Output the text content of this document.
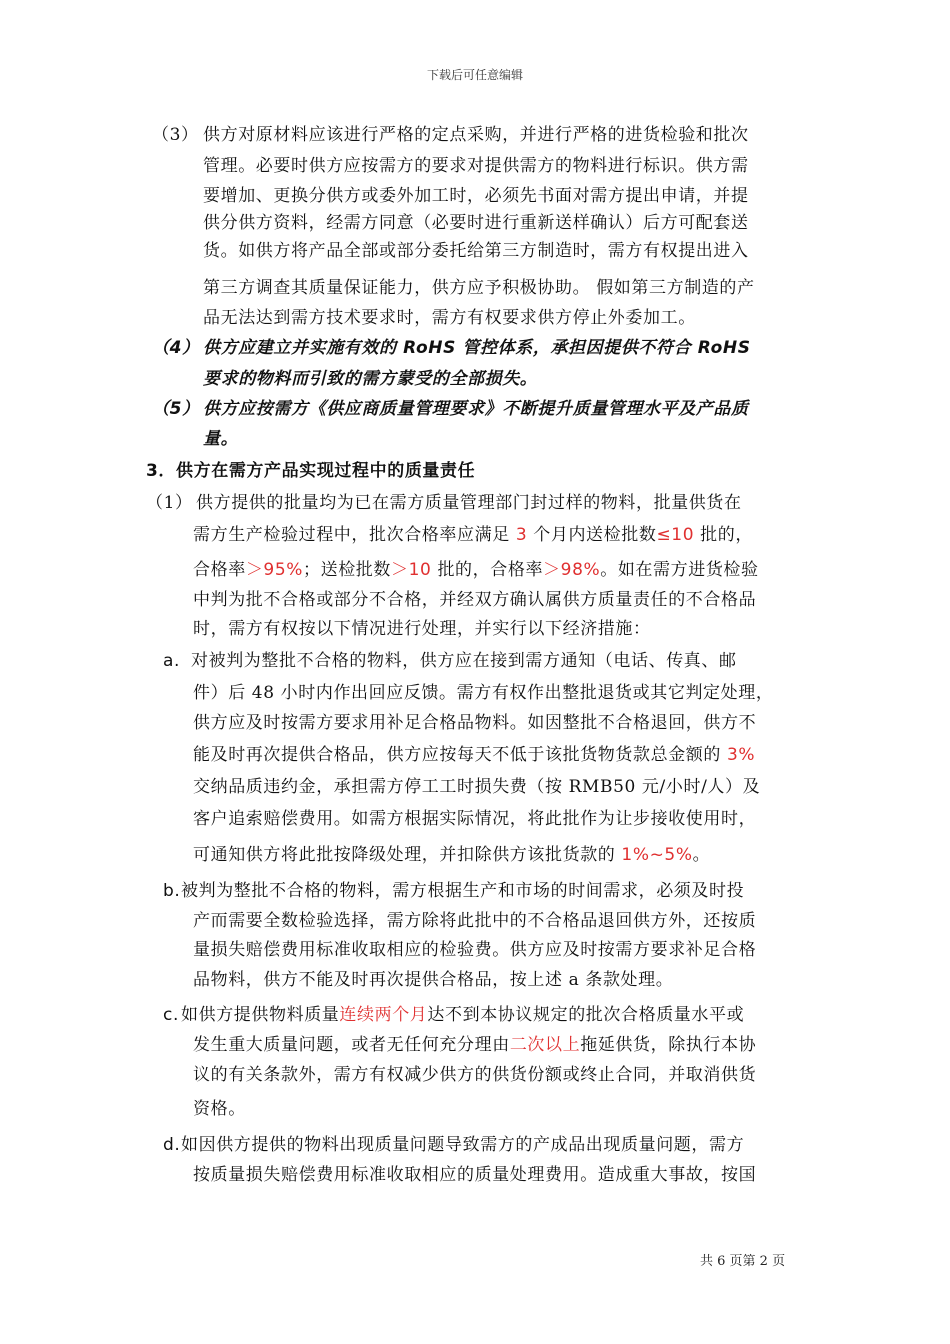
下载后可任意编辑
（3） 供方对原材料应该进行严格的定点采购，并进行严格的进货检验和批次
管理。必要时供方应按需方的要求对提供需方的物料进行标识。供方需
要增加、更换分供方或委外加工时，必须先书面对需方提出申请，并提
供分供方资料，经需方同意（必要时进行重新送样确认）后方可配套送
货。如供方将产品全部或部分委托给第三方制造时，需方有权提出进入
第三方调查其质量保证能力，供方应予积极协助。 假如第三方制造的产
品无法达到需方技术要求时，需方有权要求供方停止外委加工。
（4） 供方应建立并实施有效的 RoHS 管控体系，承担因提供不符合 RoHS
要求的物料而引致的需方蒙受的全部损失。
（5） 供方应按需方《供应商质量管理要求》不断提升质量管理水平及产品质
量。
3．供方在需方产品实现过程中的质量责任
（1） 供方提供的批量均为已在需方质量管理部门封过样的物料，批量供货在
需方生产检验过程中，批次合格率应满足 3 个月内送检批数≤10 批的，
合格率＞95%；送检批数＞10 批的，合格率＞98%。如在需方进货检验
中判为批不合格或部分不合格，并经双方确认属供方质量责任的不合格品
时，需方有权按以下情况进行处理，并实行以下经济措施：
a. 对被判为整批不合格的物料，供方应在接到需方通知（电话、传真、邮
件）后 48 小时内作出回应反馈。需方有权作出整批退货或其它判定处理，
供方应及时按需方要求用补足合格品物料。如因整批不合格退回，供方不
能及时再次提供合格品，供方应按每天不低于该批货物货款总金额的 3%
交纳品质违约金，承担需方停工工时损失费（按 RMB50 元/小时/人）及
客户追索赔偿费用。如需方根据实际情况，将此批作为让步接收使用时，
可通知供方将此批按降级处理，并扣除供方该批货款的 1%~5%。
b. 被判为整批不合格的物料，需方根据生产和市场的时间需求，必须及时投
产而需要全数检验选择，需方除将此批中的不合格品退回供方外，还按质
量损失赔偿费用标准收取相应的检验费。供方应及时按需方要求补足合格
品物料，供方不能及时再次提供合格品，按上述 a 条款处理。
c. 如供方提供物料质量连续两个月达不到本协议规定的批次合格质量水平或
发生重大质量问题，或者无任何充分理由二次以上拖延供货，除执行本协
议的有关条款外，需方有权减少供方的供货份额或终止合同，并取消供货
资格。
d. 如因供方提供的物料出现质量问题导致需方的产成品出现质量问题，需方
按质量损失赔偿费用标准收取相应的质量处理费用。造成重大事故，按国
共 6 页第 2 页
